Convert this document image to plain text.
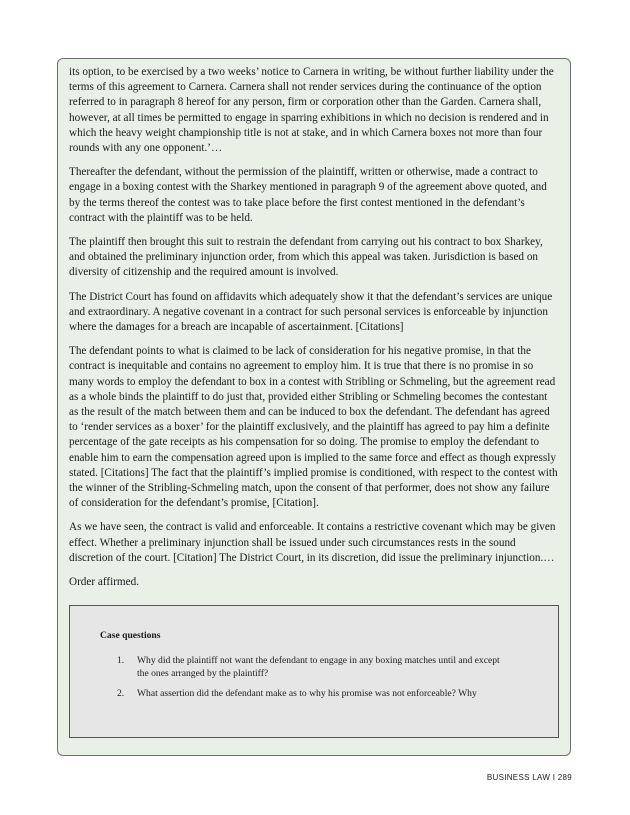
its option, to be exercised by a two weeks’ notice to Carnera in writing, be without further liability under the terms of this agreement to Carnera. Carnera shall not render services during the continuance of the option referred to in paragraph 8 hereof for any person, firm or corporation other than the Garden. Carnera shall, however, at all times be permitted to engage in sparring exhibitions in which no decision is rendered and in which the heavy weight championship title is not at stake, and in which Carnera boxes not more than four rounds with any one opponent.’…

Thereafter the defendant, without the permission of the plaintiff, written or otherwise, made a contract to engage in a boxing contest with the Sharkey mentioned in paragraph 9 of the agreement above quoted, and by the terms thereof the contest was to take place before the first contest mentioned in the defendant’s contract with the plaintiff was to be held.

The plaintiff then brought this suit to restrain the defendant from carrying out his contract to box Sharkey, and obtained the preliminary injunction order, from which this appeal was taken. Jurisdiction is based on diversity of citizenship and the required amount is involved.

The District Court has found on affidavits which adequately show it that the defendant’s services are unique and extraordinary. A negative covenant in a contract for such personal services is enforceable by injunction where the damages for a breach are incapable of ascertainment. [Citations]

The defendant points to what is claimed to be lack of consideration for his negative promise, in that the contract is inequitable and contains no agreement to employ him. It is true that there is no promise in so many words to employ the defendant to box in a contest with Stribling or Schmeling, but the agreement read as a whole binds the plaintiff to do just that, provided either Stribling or Schmeling becomes the contestant as the result of the match between them and can be induced to box the defendant. The defendant has agreed to ‘render services as a boxer’ for the plaintiff exclusively, and the plaintiff has agreed to pay him a definite percentage of the gate receipts as his compensation for so doing. The promise to employ the defendant to enable him to earn the compensation agreed upon is implied to the same force and effect as though expressly stated. [Citations] The fact that the plaintiff’s implied promise is conditioned, with respect to the contest with the winner of the Stribling-Schmeling match, upon the consent of that performer, does not show any failure of consideration for the defendant’s promise, [Citation].

As we have seen, the contract is valid and enforceable. It contains a restrictive covenant which may be given effect. Whether a preliminary injunction shall be issued under such circumstances rests in the sound discretion of the court. [Citation] The District Court, in its discretion, did issue the preliminary injunction.…

Order affirmed.

Case questions
1. Why did the plaintiff not want the defendant to engage in any boxing matches until and except the ones arranged by the plaintiff?
2. What assertion did the defendant make as to why his promise was not enforceable? Why
BUSINESS LAW I 289
